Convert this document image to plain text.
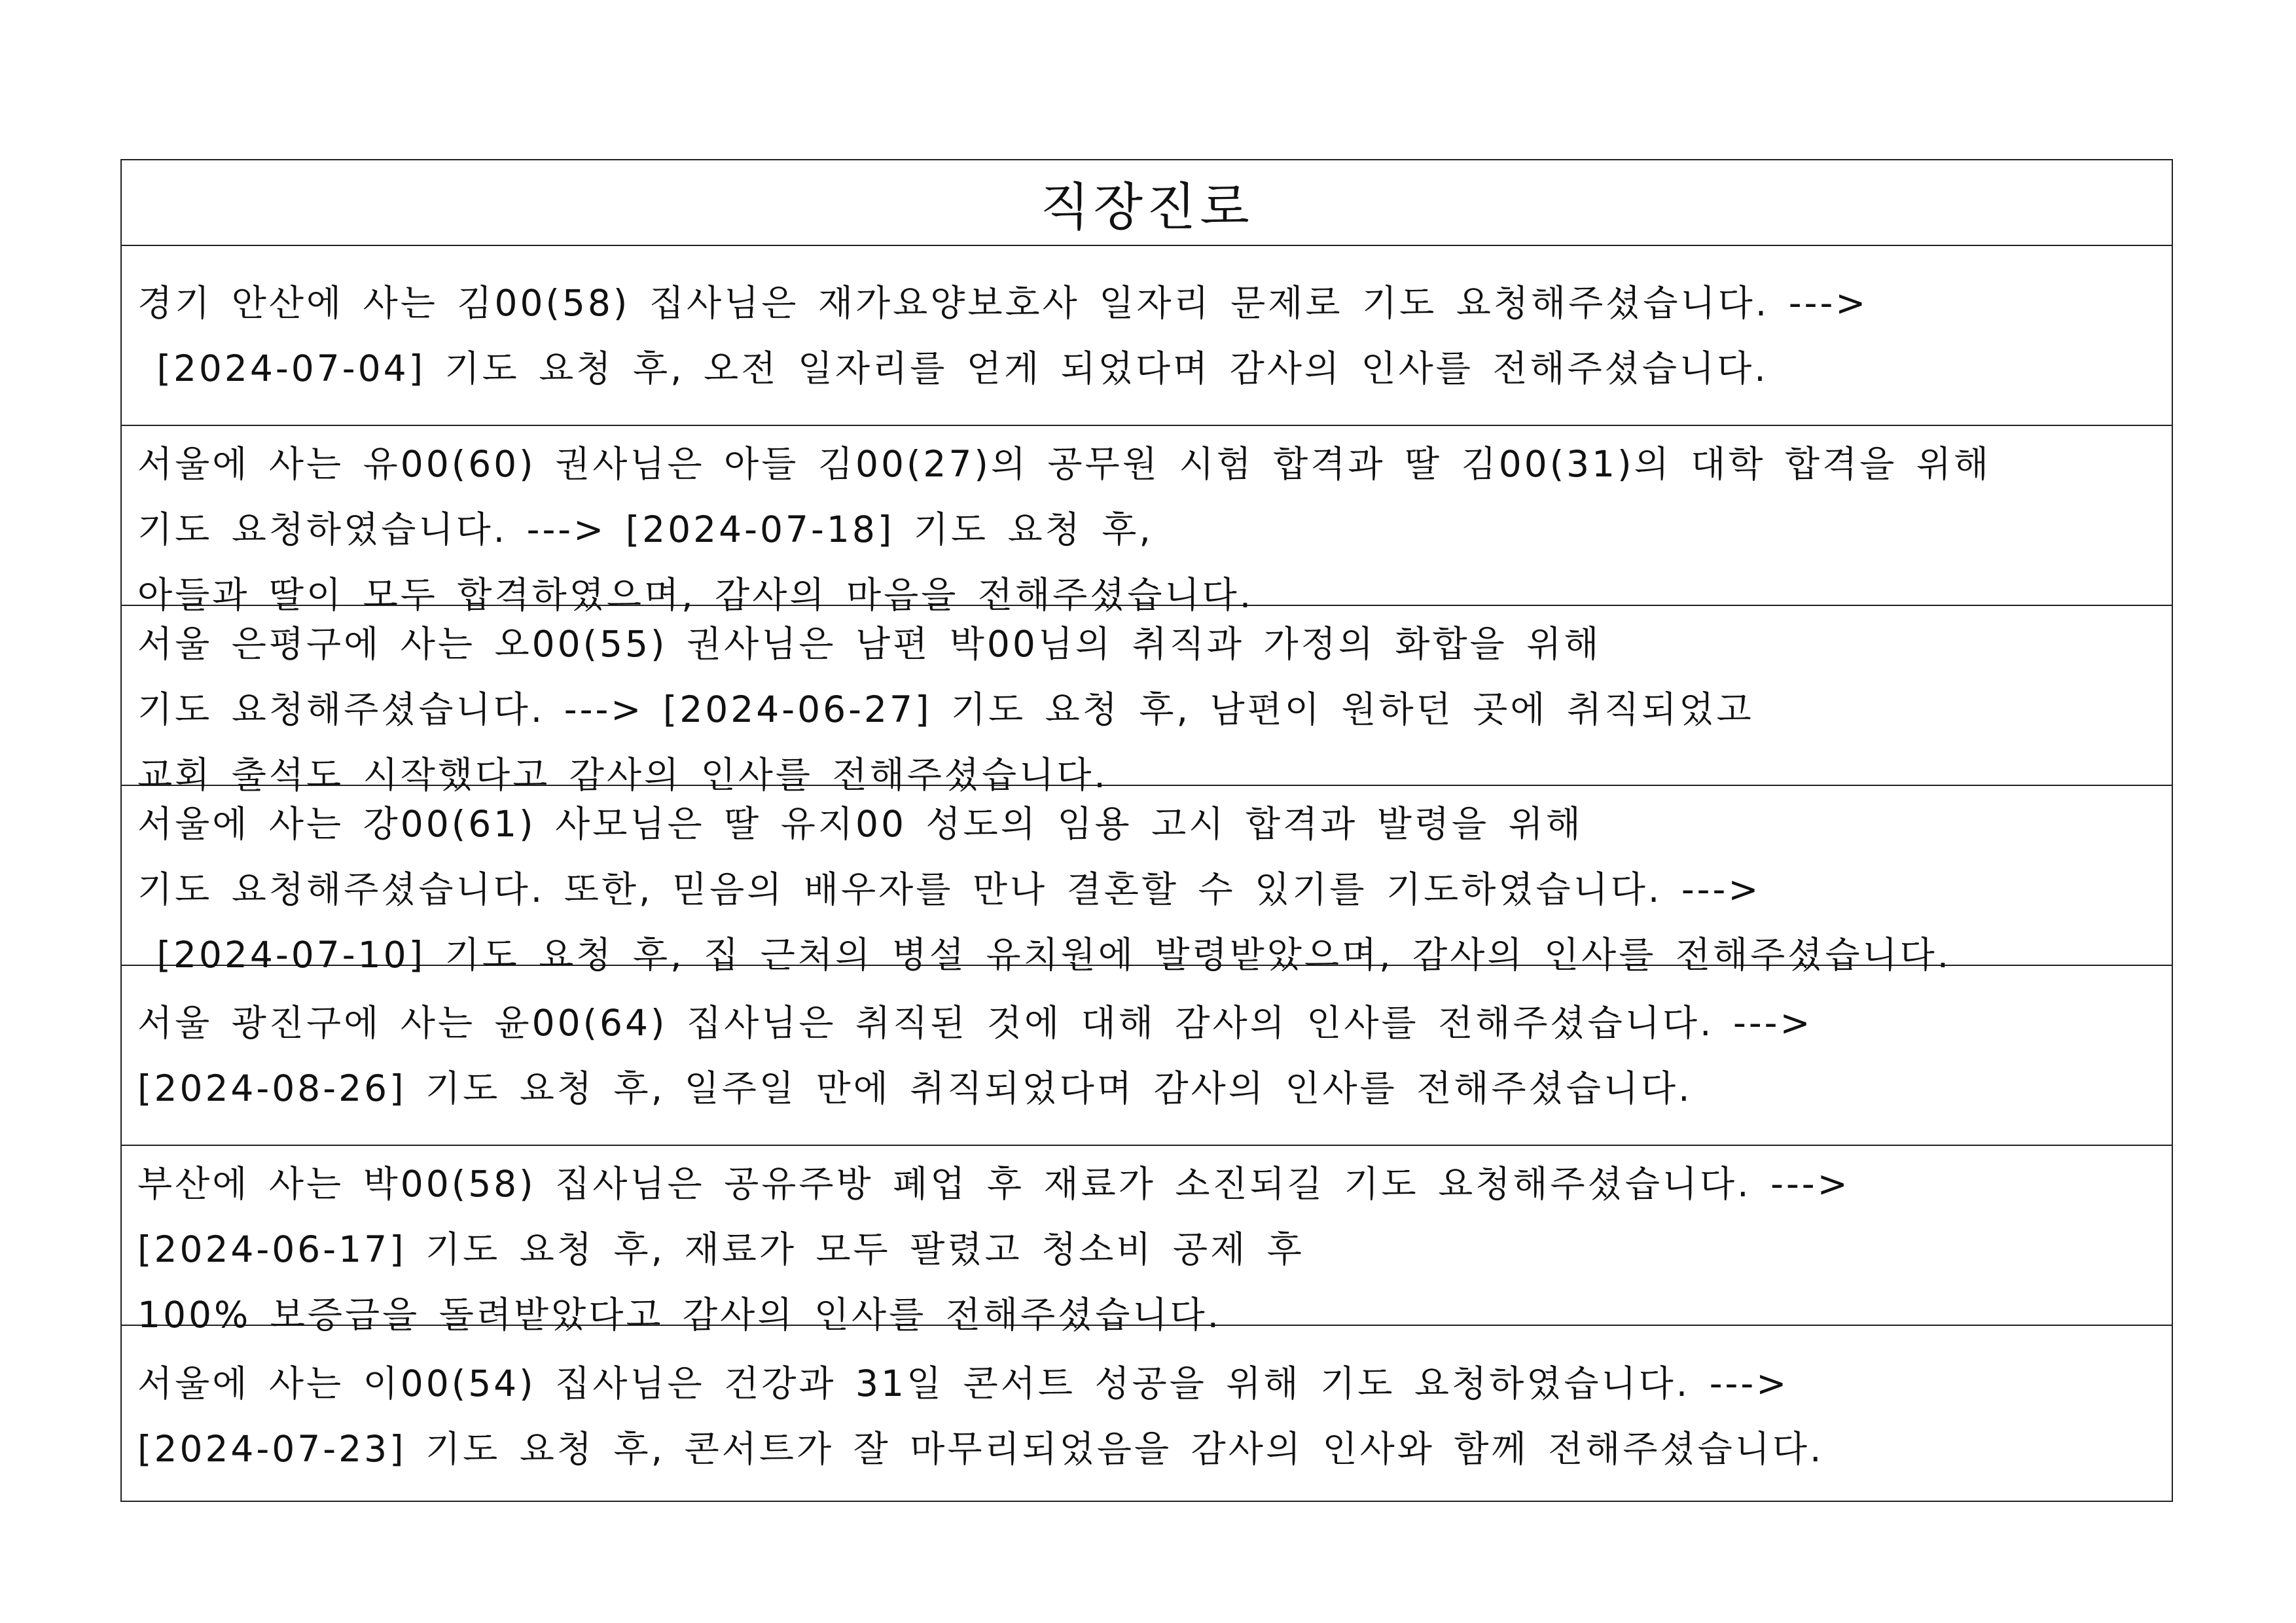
직장진로
경기 안산에 사는 김00(58) 집사님은 재가요양보호사 일자리 문제로 기도 요청해주셨습니다. --->
[2024-07-04] 기도 요청 후, 오전 일자리를 얻게 되었다며 감사의 인사를 전해주셨습니다.
서울에 사는 유00(60) 권사님은 아들 김00(27)의 공무원 시험 합격과 딸 김00(31)의 대학 합격을 위해
기도 요청하였습니다. ---> [2024-07-18] 기도 요청 후,
아들과 딸이 모두 합격하였으며, 감사의 마음을 전해주셨습니다.
서울 은평구에 사는 오00(55) 권사님은 남편 박00님의 취직과 가정의 화합을 위해
기도 요청해주셨습니다. ---> [2024-06-27] 기도 요청 후, 남편이 원하던 곳에 취직되었고
교회 출석도 시작했다고 감사의 인사를 전해주셨습니다.
서울에 사는 강00(61) 사모님은 딸 유지00 성도의 임용 고시 합격과 발령을 위해
기도 요청해주셨습니다. 또한, 믿음의 배우자를 만나 결혼할 수 있기를 기도하였습니다. --->
[2024-07-10] 기도 요청 후, 집 근처의 병설 유치원에 발령받았으며, 감사의 인사를 전해주셨습니다.
서울 광진구에 사는 윤00(64) 집사님은 취직된 것에 대해 감사의 인사를 전해주셨습니다. --->
[2024-08-26] 기도 요청 후, 일주일 만에 취직되었다며 감사의 인사를 전해주셨습니다.
부산에 사는 박00(58) 집사님은 공유주방 폐업 후 재료가 소진되길 기도 요청해주셨습니다. --->
[2024-06-17] 기도 요청 후, 재료가 모두 팔렸고 청소비 공제 후
100% 보증금을 돌려받았다고 감사의 인사를 전해주셨습니다.
서울에 사는 이00(54) 집사님은 건강과 31일 콘서트 성공을 위해 기도 요청하였습니다. --->
[2024-07-23] 기도 요청 후, 콘서트가 잘 마무리되었음을 감사의 인사와 함께 전해주셨습니다.
